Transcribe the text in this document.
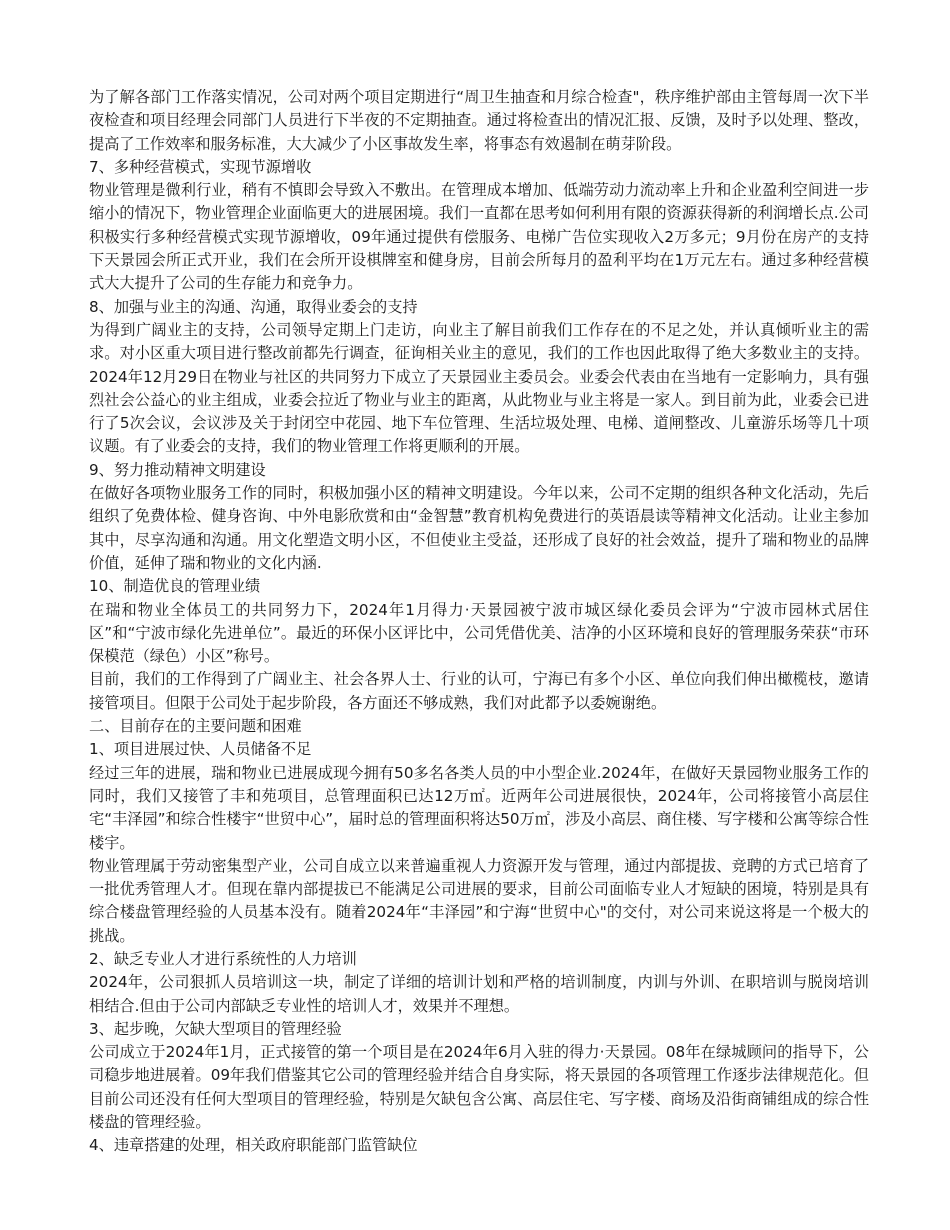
为了解各部门工作落实情况，公司对两个项目定期进行“周卫生抽查和月综合检查"，秩序维护部由主管每周一次下半夜检查和项目经理会同部门人员进行下半夜的不定期抽查。通过将检查出的情况汇报、反馈，及时予以处理、整改，提高了工作效率和服务标准，大大减少了小区事故发生率，将事态有效遏制在萌芽阶段。

7、多种经营模式，实现节源增收

物业管理是微利行业，稍有不慎即会导致入不敷出。在管理成本增加、低端劳动力流动率上升和企业盈利空间进一步缩小的情况下，物业管理企业面临更大的进展困境。我们一直都在思考如何利用有限的资源获得新的利润增长点.公司积极实行多种经营模式实现节源增收，09年通过提供有偿服务、电梯广告位实现收入2万多元；9月份在房产的支持下天景园会所正式开业，我们在会所开设棋牌室和健身房，目前会所每月的盈利平均在1万元左右。通过多种经营模式大大提升了公司的生存能力和竞争力。

8、加强与业主的沟通、沟通，取得业委会的支持

为得到广阔业主的支持，公司领导定期上门走访，向业主了解目前我们工作存在的不足之处，并认真倾听业主的需求。对小区重大项目进行整改前都先行调查，征询相关业主的意见，我们的工作也因此取得了绝大多数业主的支持。2024年12月29日在物业与社区的共同努力下成立了天景园业主委员会。业委会代表由在当地有一定影响力，具有强烈社会公益心的业主组成，业委会拉近了物业与业主的距离，从此物业与业主将是一家人。到目前为此，业委会已进行了5次会议，会议涉及关于封闭空中花园、地下车位管理、生活垃圾处理、电梯、道闸整改、儿童游乐场等几十项议题。有了业委会的支持，我们的物业管理工作将更顺利的开展。

9、努力推动精神文明建设

在做好各项物业服务工作的同时，积极加强小区的精神文明建设。今年以来，公司不定期的组织各种文化活动，先后组织了免费体检、健身咨询、中外电影欣赏和由“金智慧”教育机构免费进行的英语晨读等精神文化活动。让业主参加其中，尽享沟通和沟通。用文化塑造文明小区，不但使业主受益，还形成了良好的社会效益，提升了瑞和物业的品牌价值，延伸了瑞和物业的文化内涵.

10、制造优良的管理业绩

在瑞和物业全体员工的共同努力下，2024年1月得力·天景园被宁波市城区绿化委员会评为“宁波市园林式居住区”和“宁波市绿化先进单位”。最近的环保小区评比中，公司凭借优美、洁净的小区环境和良好的管理服务荣获“市环保模范（绿色）小区”称号。

目前，我们的工作得到了广阔业主、社会各界人士、行业的认可，宁海已有多个小区、单位向我们伸出橄榄枝，邀请接管项目。但限于公司处于起步阶段，各方面还不够成熟，我们对此都予以委婉谢绝。

二、目前存在的主要问题和困难
1、项目进展过快、人员储备不足

经过三年的进展，瑞和物业已进展成现今拥有50多名各类人员的中小型企业.2024年，在做好天景园物业服务工作的同时，我们又接管了丰和苑项目，总管理面积已达12万㎡。近两年公司进展很快，2024年，公司将接管小高层住宅“丰泽园”和综合性楼宇“世贸中心”，届时总的管理面积将达50万㎡，涉及小高层、商住楼、写字楼和公寓等综合性楼宇。

物业管理属于劳动密集型产业，公司自成立以来普遍重视人力资源开发与管理，通过内部提拔、竞聘的方式已培育了一批优秀管理人才。但现在靠内部提拔已不能满足公司进展的要求，目前公司面临专业人才短缺的困境，特别是具有综合楼盘管理经验的人员基本没有。随着2024年“丰泽园”和宁海“世贸中心"的交付，对公司来说这将是一个极大的挑战。

2、缺乏专业人才进行系统性的人力培训

2024年，公司狠抓人员培训这一块，制定了详细的培训计划和严格的培训制度，内训与外训、在职培训与脱岗培训相结合.但由于公司内部缺乏专业性的培训人才，效果并不理想。

3、起步晚，欠缺大型项目的管理经验

公司成立于2024年1月，正式接管的第一个项目是在2024年6月入驻的得力·天景园。08年在绿城顾问的指导下，公司稳步地进展着。09年我们借鉴其它公司的管理经验并结合自身实际，将天景园的各项管理工作逐步法律规范化。但目前公司还没有任何大型项目的管理经验，特别是欠缺包含公寓、高层住宅、写字楼、商场及沿街商铺组成的综合性楼盘的管理经验。

4、违章搭建的处理，相关政府职能部门监管缺位
